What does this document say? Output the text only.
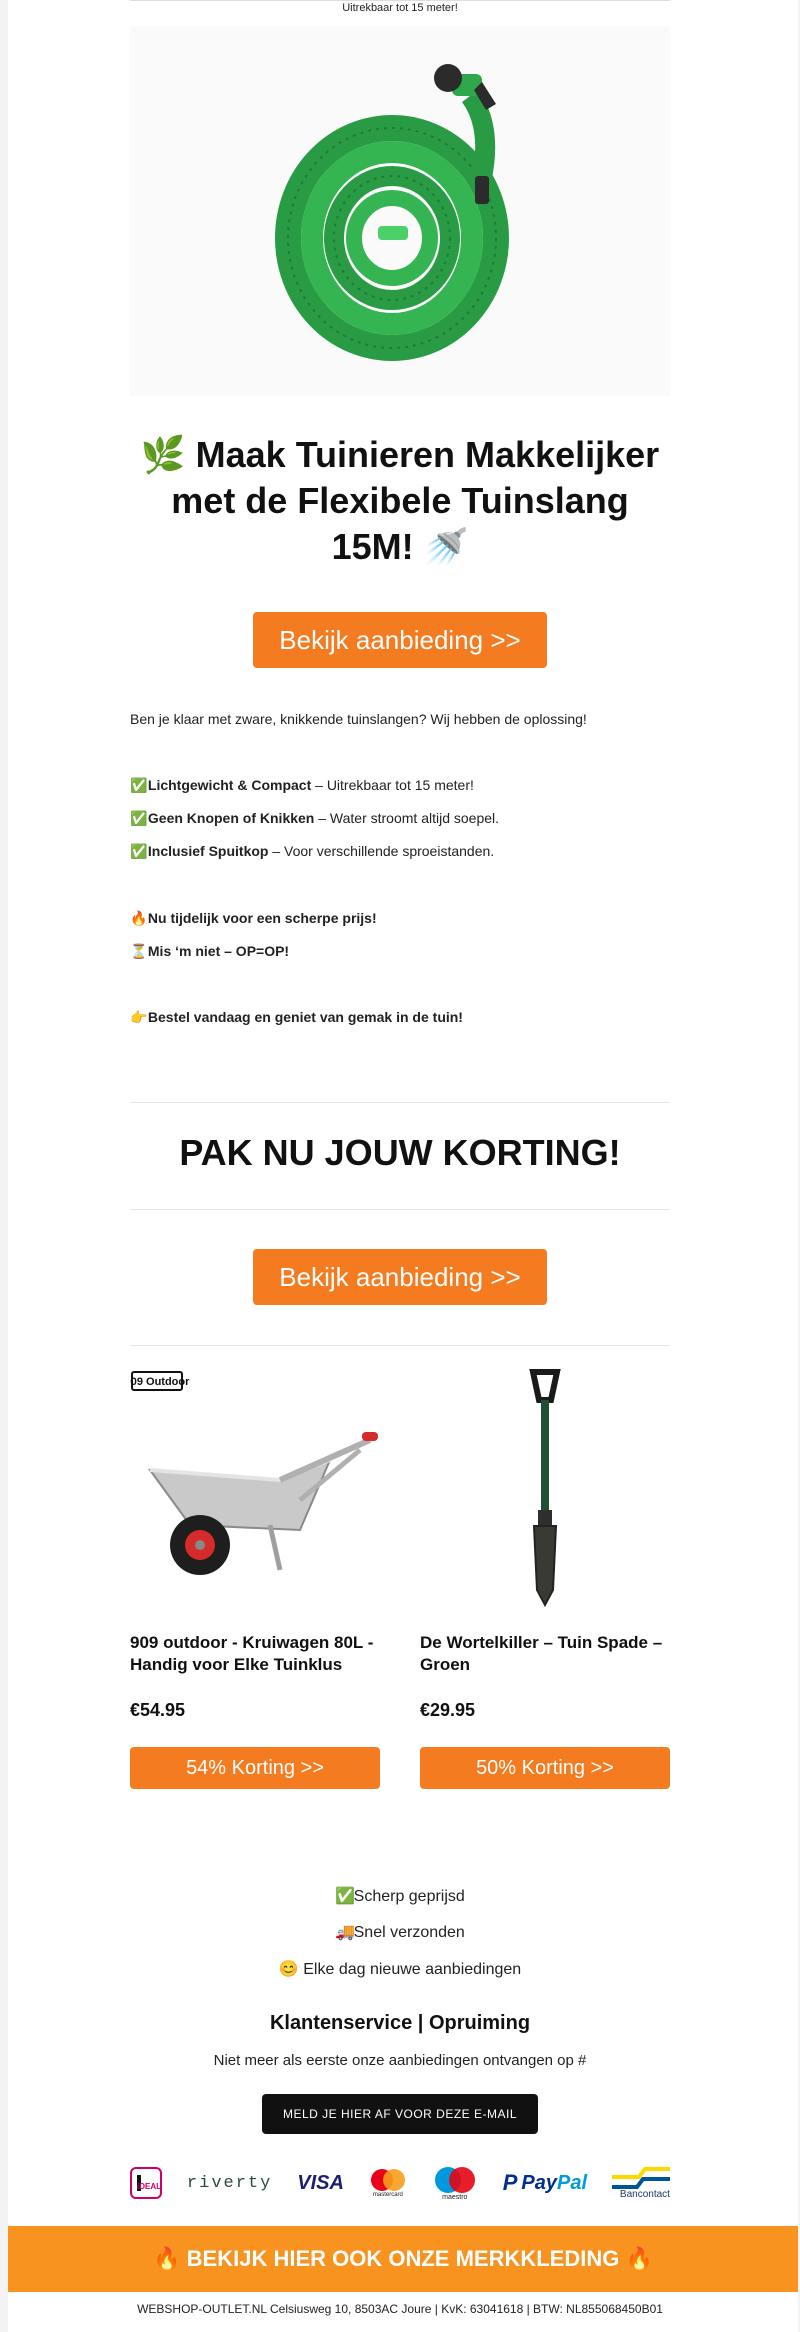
Uitrekbaar tot 15 meter!
🌿 Maak Tuinieren Makkelijker met de Flexibele Tuinslang 15M! 🚿
Bekijk aanbieding >>
Ben je klaar met zware, knikkende tuinslangen? Wij hebben de oplossing!
✅ Lichtgewicht & Compact – Uitrekbaar tot 15 meter!
✅ Geen Knopen of Knikken – Water stroomt altijd soepel.
✅ Inclusief Spuitkop – Voor verschillende sproeistanden.
🔥 Nu tijdelijk voor een scherpe prijs!
⏳ Mis ‘m niet – OP=OP!
👉 Bestel vandaag en geniet van gemak in de tuin!
PAK NU JOUW KORTING!
Bekijk aanbieding >>
909 Outdoor
909 outdoor - Kruiwagen 80L - Handig voor Elke Tuinklus
€54.95
54% Korting >>
De Wortelkiller – Tuin Spade – Groen
€29.95
50% Korting >>
✅ Scherp geprijsd
🚚 Snel verzonden
😊 Elke dag nieuwe aanbiedingen
Klantenservice | Opruiming
Niet meer als eerste onze aanbiedingen ontvangen op #
MELD JE HIER AF VOOR DEZE E-MAIL
iDEAL riverty VISA
mastercard	maestro
P Pay Pal
Bancontact
🔥 BEKIJK HIER OOK ONZE MERKKLEDING 🔥
WEBSHOP-OUTLET.NL Celsiusweg 10, 8503AC Joure | KvK: 63041618 | BTW: NL855068450B01
